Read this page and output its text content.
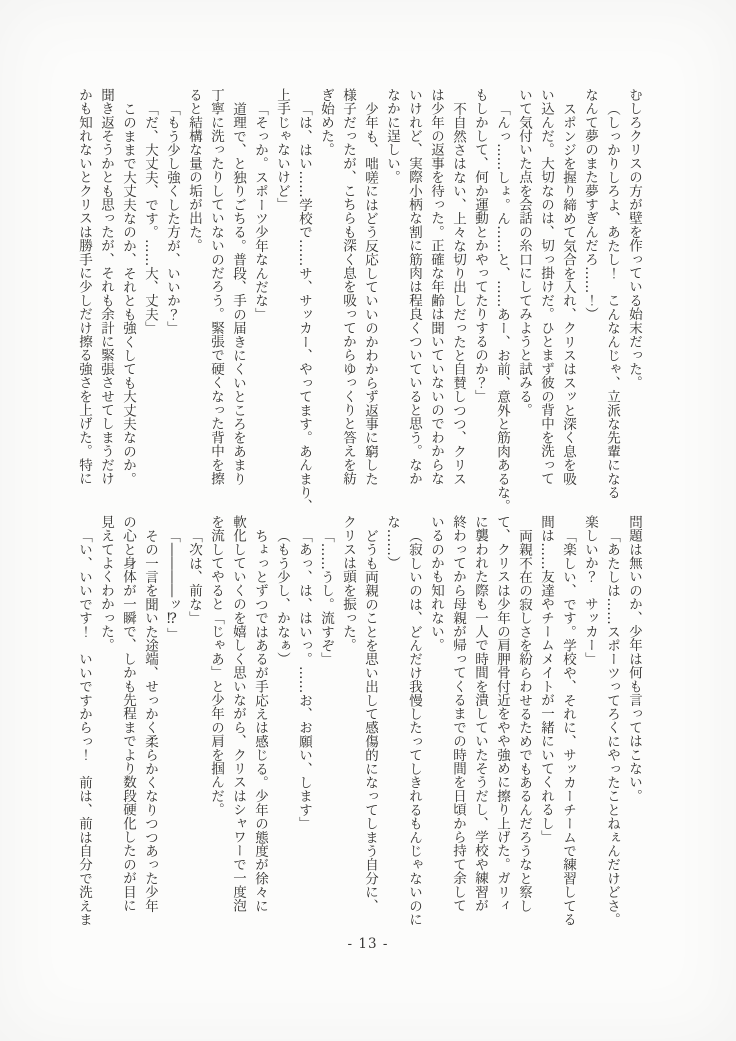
むしろクリスの方が壁を作っている始末だった。

（しっかりしろよ、あたし！　こんなんじゃ、立派な先輩になる

なんて夢のまた夢すぎんだろ……！）

スポンジを握り締めて気合を入れ、クリスはスッと深く息を吸

い込んだ。大切なのは、切っ掛けだ。ひとまず彼の背中を洗って

いて気付いた点を会話の糸口にしてみようと試みる。

「んっ……しょ。ん……と、……あー、お前、意外と筋肉あるな。

もしかして、何か運動とかやってたりするのか？」

不自然さはない、上々な切り出しだったと自賛しつつ、クリス

は少年の返事を待った。正確な年齢は聞いていないのでわからな

いけれど、実際小柄な割に筋肉は程良くついていると思う。なか

なかに逞しい。

少年も、咄嗟にはどう反応していいのかわからず返事に窮した

様子だったが、こちらも深く息を吸ってからゆっくりと答えを紡

ぎ始めた。

「は、はい……学校で……サ、サッカー、やってます。あんまり、

上手じゃないけど」

「そっか。スポーツ少年なんだな」

道理で、と独りごちる。普段、手の届きにくいところをあまり

丁寧に洗ったりしていないのだろう。緊張で硬くなった背中を擦

ると結構な量の垢が出た。

「もう少し強くした方が、いいか？」

「だ、大丈夫、です。……大、丈夫」

このままで大丈夫なのか、それとも強くしても大丈夫なのか。

聞き返そうかとも思ったが、それも余計に緊張させてしまうだけ

かも知れないとクリスは勝手に少しだけ擦る強さを上げた。特に

問題は無いのか、少年は何も言ってはこない。

「あたしは……スポーツってろくにやったことねぇんだけどさ。

楽しいか？　サッカー」

「楽しい、です。学校や、それに、サッカーチームで練習してる

間は……友達やチームメイトが一緒にいてくれるし」

両親不在の寂しさを紛らわせるためでもあるんだろうなと察し

て、クリスは少年の肩胛骨付近をやや強めに擦り上げた。ガリィ

に襲われた際も一人で時間を潰していたそうだし、学校や練習が

終わってから母親が帰ってくるまでの時間を日頃から持て余して

いるのかも知れない。

（寂しいのは、どんだけ我慢したってしきれるもんじゃないのに

な……）

どうも両親のことを思い出して感傷的になってしまう自分に、

クリスは頭を振った。

「……うし。流すぞ」

「あっ、は、はいっ。……お、お願い、します」

（もう少し、かなぁ）

ちょっとずつではあるが手応えは感じる。少年の態度が徐々に

軟化していくのを嬉しく思いながら、クリスはシャワーで一度泡

を流してやると「じゃあ」と少年の肩を掴んだ。

「次は、前な」

「――――ッ⁉」

その一言を聞いた途端、せっかく柔らかくなりつつあった少年

の心と身体が一瞬で、しかも先程までより数段硬化したのが目に

見えてよくわかった。

「い、いいです！　いいですからっ！　前は、前は自分で洗えま

- 13 -
